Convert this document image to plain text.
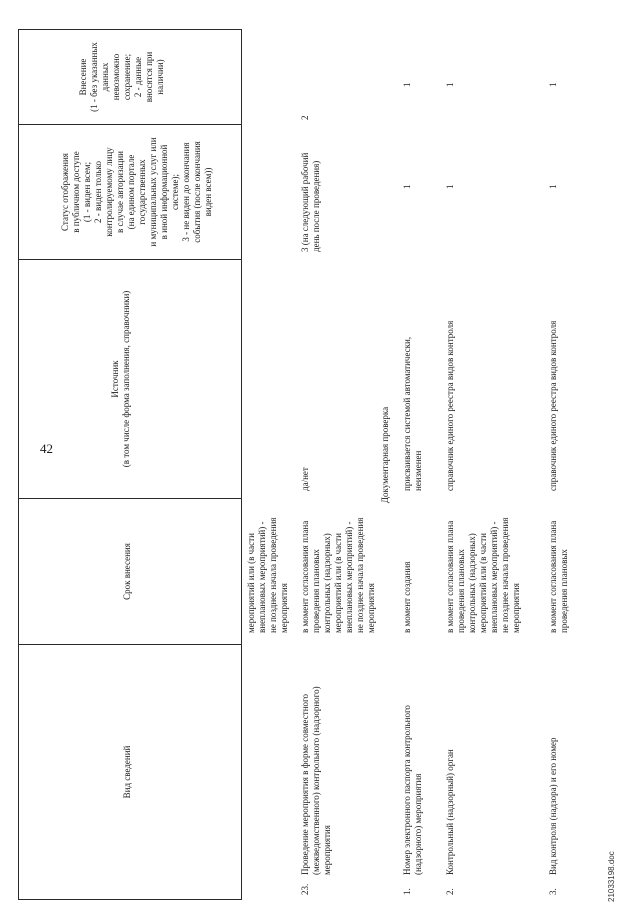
42
21033198.doc
Вид сведений
Срок внесения
Источник
(в том числе форма заполнения, справочники)
Статус отображения
в публичном доступе
(1 - виден всем;
2 - виден только
контролируемому лицу
в случае авторизации
(на едином портале
государственных
и муниципальных услуг или
в иной информационной
системе);
3 - не виден до окончания
события (после окончания
виден всем))
Внесение
(1 - без указанных
данных
невозможно
сохранение;
2 - данные
вносятся при
наличии)
мероприятий или (в части
внеплановых мероприятий) -
не позднее начала проведения
мероприятия
23.
Проведение мероприятия в форме совместного
(межведомственного) контрольного (надзорного)
мероприятия
в момент согласования плана
проведения плановых
контрольных (надзорных)
мероприятий или (в части
внеплановых мероприятий) -
не позднее начала проведения
мероприятия
да/нет
3 (на следующий рабочий
день после проведения)
2
Документарная проверка
1.
Номер электронного паспорта контрольного
(надзорного) мероприятия
в момент создания
присваивается системой автоматически,
неизменен
1
1
2.
Контрольный (надзорный) орган
в момент согласования плана
проведения плановых
контрольных (надзорных)
мероприятий или (в части
внеплановых мероприятий) -
не позднее начала проведения
мероприятия
справочник единого реестра видов контроля
1
1
3.
Вид контроля (надзора) и его номер
в момент согласования плана
проведения плановых
справочник единого реестра видов контроля
1
1
